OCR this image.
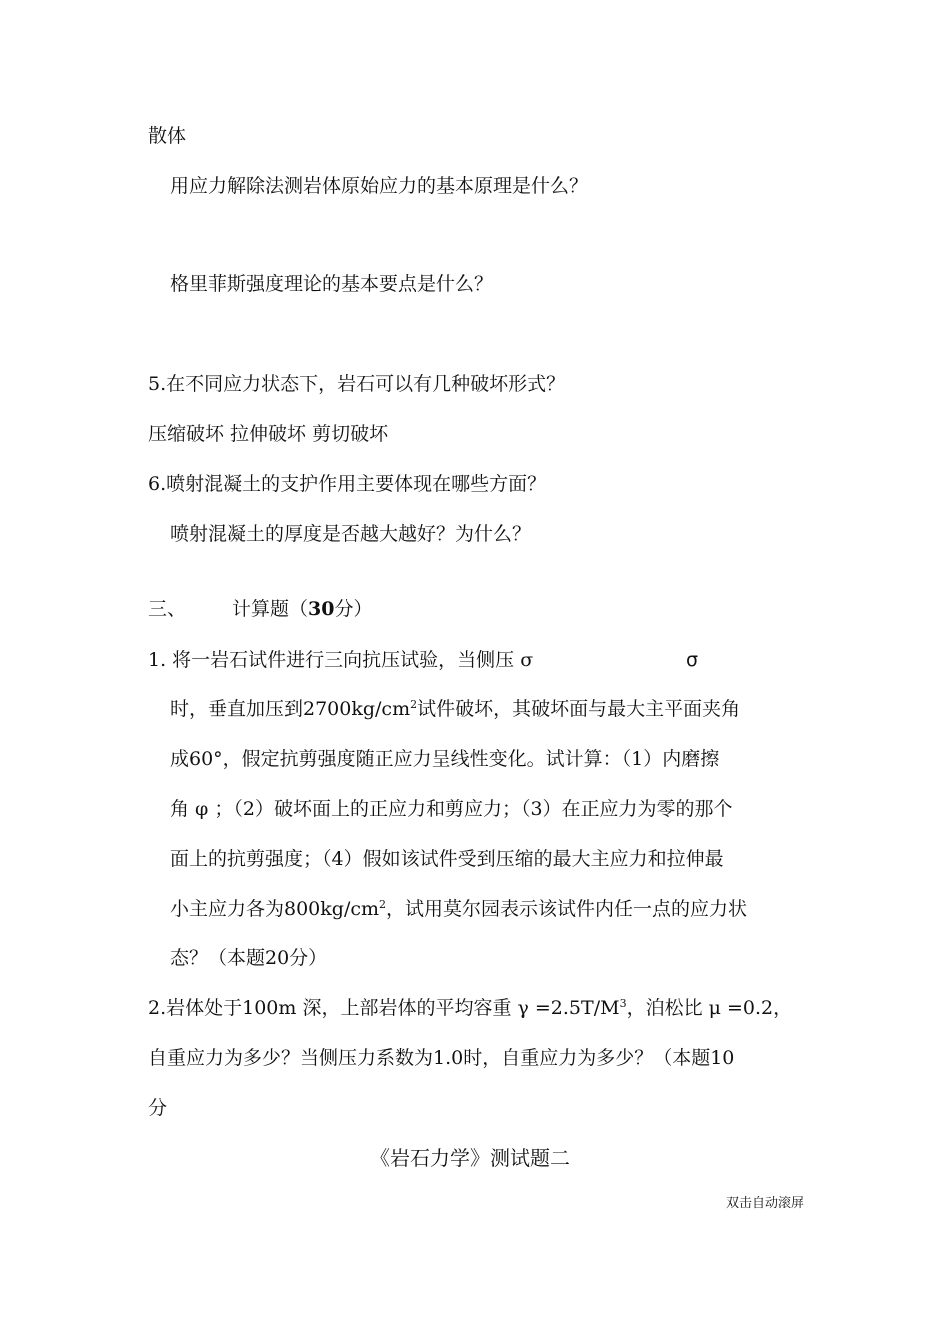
散体
用应力解除法测岩体原始应力的基本原理是什么？
格里菲斯强度理论的基本要点是什么？
5.在不同应力状态下，岩石可以有几种破坏形式？
压缩破坏 拉伸破坏 剪切破坏
6.喷射混凝土的支护作用主要体现在哪些方面？
喷射混凝土的厚度是否越大越好？为什么？
三、 计算题（30分）
1. 将一岩石试件进行三向抗压试验，当侧压 σ	σ
时，垂直加压到$2700kg/cm^2$试件破坏，其破坏面与最大主平面夹角
成60°，假定抗剪强度随正应力呈线性变化。试计算：（1）内磨擦
角 φ ；（2）破坏面上的正应力和剪应力；（3）在正应力为零的那个
面上的抗剪强度；（4）假如该试件受到压缩的最大主应力和拉伸最
小主应力各为$800kg/cm^2$，试用莫尔园表示该试件内任一点的应力状
态？（本题20分）
2.岩体处于100m 深，上部岩体的平均容重 $\gamma =2.5T/M^3$，泊松比 μ =0.2，
自重应力为多少？当侧压力系数为1.0时，自重应力为多少？（本题10
分
《岩石力学》测试题二
双击自动滚屏
